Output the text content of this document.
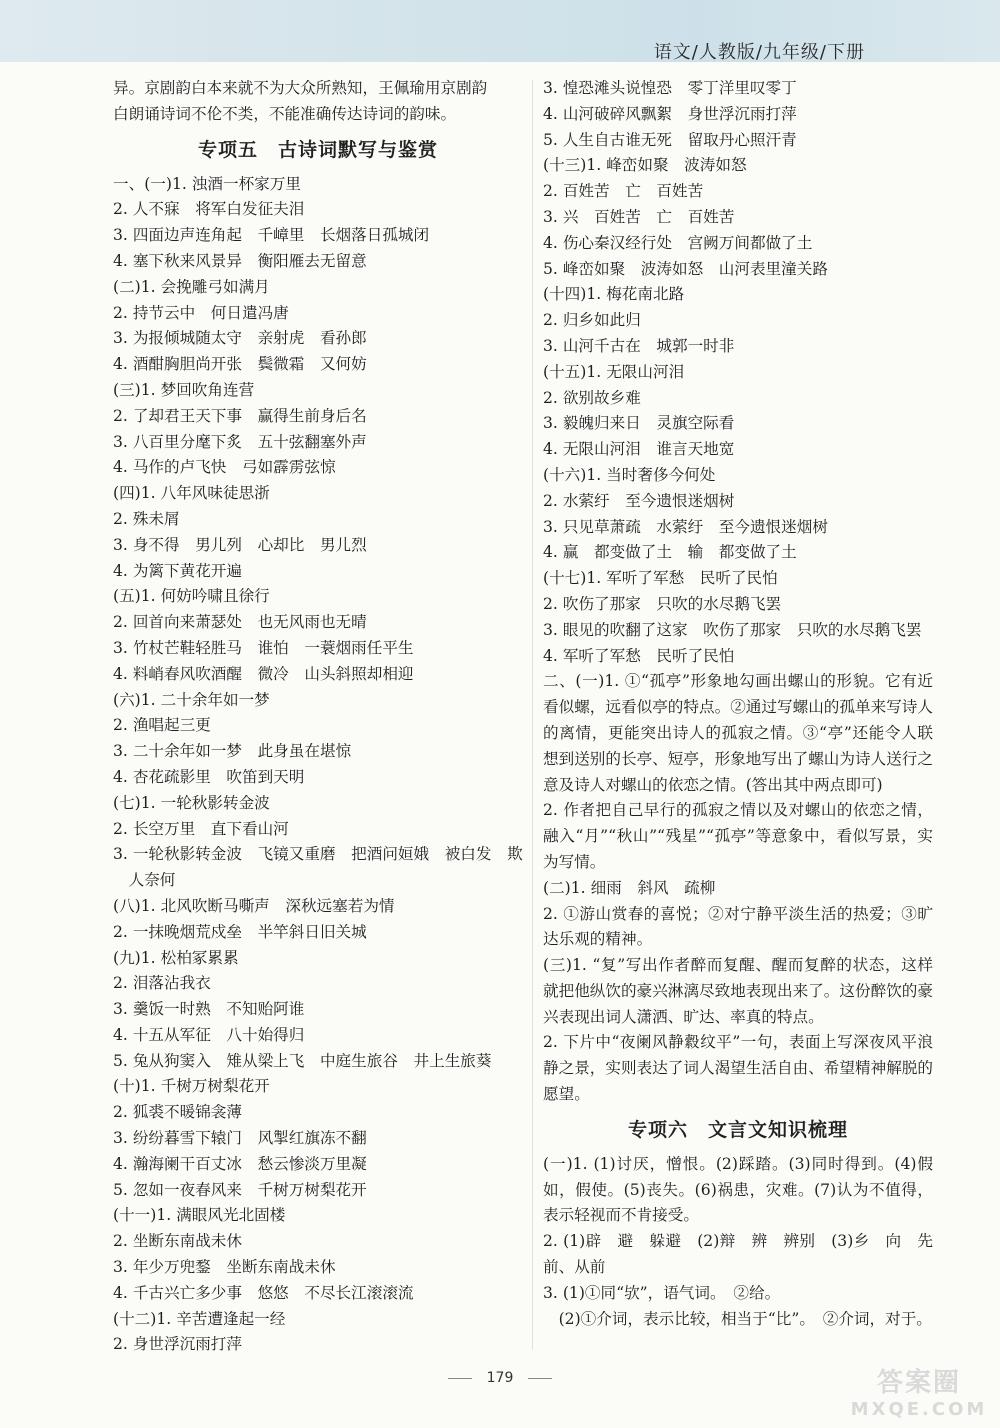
语文/人教版/九年级/下册
异。京剧韵白本来就不为大众所熟知，王佩瑜用京剧韵
白朗诵诗词不伦不类，不能准确传达诗词的韵味。
专项五　古诗词默写与鉴赏
一、(一)1. 浊酒一杯家万里
2. 人不寐　将军白发征夫泪
3. 四面边声连角起　千嶂里　长烟落日孤城闭
4. 塞下秋来风景异　衡阳雁去无留意
(二)1. 会挽雕弓如满月
2. 持节云中　何日遣冯唐
3. 为报倾城随太守　亲射虎　看孙郎
4. 酒酣胸胆尚开张　鬓微霜　又何妨
(三)1. 梦回吹角连营
2. 了却君王天下事　赢得生前身后名
3. 八百里分麾下炙　五十弦翻塞外声
4. 马作的卢飞快　弓如霹雳弦惊
(四)1. 八年风味徒思浙
2. 殊未屑
3. 身不得　男儿列　心却比　男儿烈
4. 为篱下黄花开遍
(五)1. 何妨吟啸且徐行
2. 回首向来萧瑟处　也无风雨也无晴
3. 竹杖芒鞋轻胜马　谁怕　一蓑烟雨任平生
4. 料峭春风吹酒醒　微冷　山头斜照却相迎
(六)1. 二十余年如一梦
2. 渔唱起三更
3. 二十余年如一梦　此身虽在堪惊
4. 杏花疏影里　吹笛到天明
(七)1. 一轮秋影转金波
2. 长空万里　直下看山河
3. 一轮秋影转金波　飞镜又重磨　把酒问姮娥　被白发　欺
　人奈何
(八)1. 北风吹断马嘶声　深秋远塞若为情
2. 一抹晚烟荒戍垒　半竿斜日旧关城
(九)1. 松柏冢累累
2. 泪落沾我衣
3. 羹饭一时熟　不知贻阿谁
4. 十五从军征　八十始得归
5. 兔从狗窦入　雉从梁上飞　中庭生旅谷　井上生旅葵
(十)1. 千树万树梨花开
2. 狐裘不暖锦衾薄
3. 纷纷暮雪下辕门　风掣红旗冻不翻
4. 瀚海阑干百丈冰　愁云惨淡万里凝
5. 忽如一夜春风来　千树万树梨花开
(十一)1. 满眼风光北固楼
2. 坐断东南战未休
3. 年少万兜鍪　坐断东南战未休
4. 千古兴亡多少事　悠悠　不尽长江滚滚流
(十二)1. 辛苦遭逢起一经
2. 身世浮沉雨打萍
3. 惶恐滩头说惶恐　零丁洋里叹零丁
4. 山河破碎风飘絮　身世浮沉雨打萍
5. 人生自古谁无死　留取丹心照汗青
(十三)1. 峰峦如聚　波涛如怒
2. 百姓苦　亡　百姓苦
3. 兴　百姓苦　亡　百姓苦
4. 伤心秦汉经行处　宫阙万间都做了土
5. 峰峦如聚　波涛如怒　山河表里潼关路
(十四)1. 梅花南北路
2. 归乡如此归
3. 山河千古在　城郭一时非
(十五)1. 无限山河泪
2. 欲别故乡难
3. 毅魄归来日　灵旗空际看
4. 无限山河泪　谁言天地宽
(十六)1. 当时奢侈今何处
2. 水萦纡　至今遗恨迷烟树
3. 只见草萧疏　水萦纡　至今遗恨迷烟树
4. 赢　都变做了土　输　都变做了土
(十七)1. 军听了军愁　民听了民怕
2. 吹伤了那家　只吹的水尽鹅飞罢
3. 眼见的吹翻了这家　吹伤了那家　只吹的水尽鹅飞罢
4. 军听了军愁　民听了民怕
二、(一)1. ①“孤亭”形象地勾画出螺山的形貌。它有近看似螺，远看似亭的特点。②通过写螺山的孤单来写诗人的离情，更能突出诗人的孤寂之情。③“亭”还能令人联想到送别的长亭、短亭，形象地写出了螺山为诗人送行之意及诗人对螺山的依恋之情。(答出其中两点即可)
2. 作者把自己早行的孤寂之情以及对螺山的依恋之情，融入“月”“秋山”“残星”“孤亭”等意象中，看似写景，实为写情。
(二)1. 细雨　斜风　疏柳
2. ①游山赏春的喜悦；②对宁静平淡生活的热爱；③旷达乐观的精神。
(三)1. “复”写出作者醉而复醒、醒而复醉的状态，这样就把他纵饮的豪兴淋漓尽致地表现出来了。这份醉饮的豪兴表现出词人潇洒、旷达、率真的特点。
2. 下片中“夜阑风静縠纹平”一句，表面上写深夜风平浪静之景，实则表达了词人渴望生活自由、希望精神解脱的愿望。
专项六　文言文知识梳理
(一)1. (1)讨厌，憎恨。(2)踩踏。(3)同时得到。(4)假如，假使。(5)丧失。(6)祸患，灾难。(7)认为不值得，表示轻视而不肯接受。
2. (1)辟　避　躲避　(2)辩　辨　辨别　(3)乡　向　先前、从前
3. (1)①同“欤”，语气词。　②给。
　(2)①介词，表示比较，相当于“比”。　②介词，对于。
179	答案圈
MXQE.COM
